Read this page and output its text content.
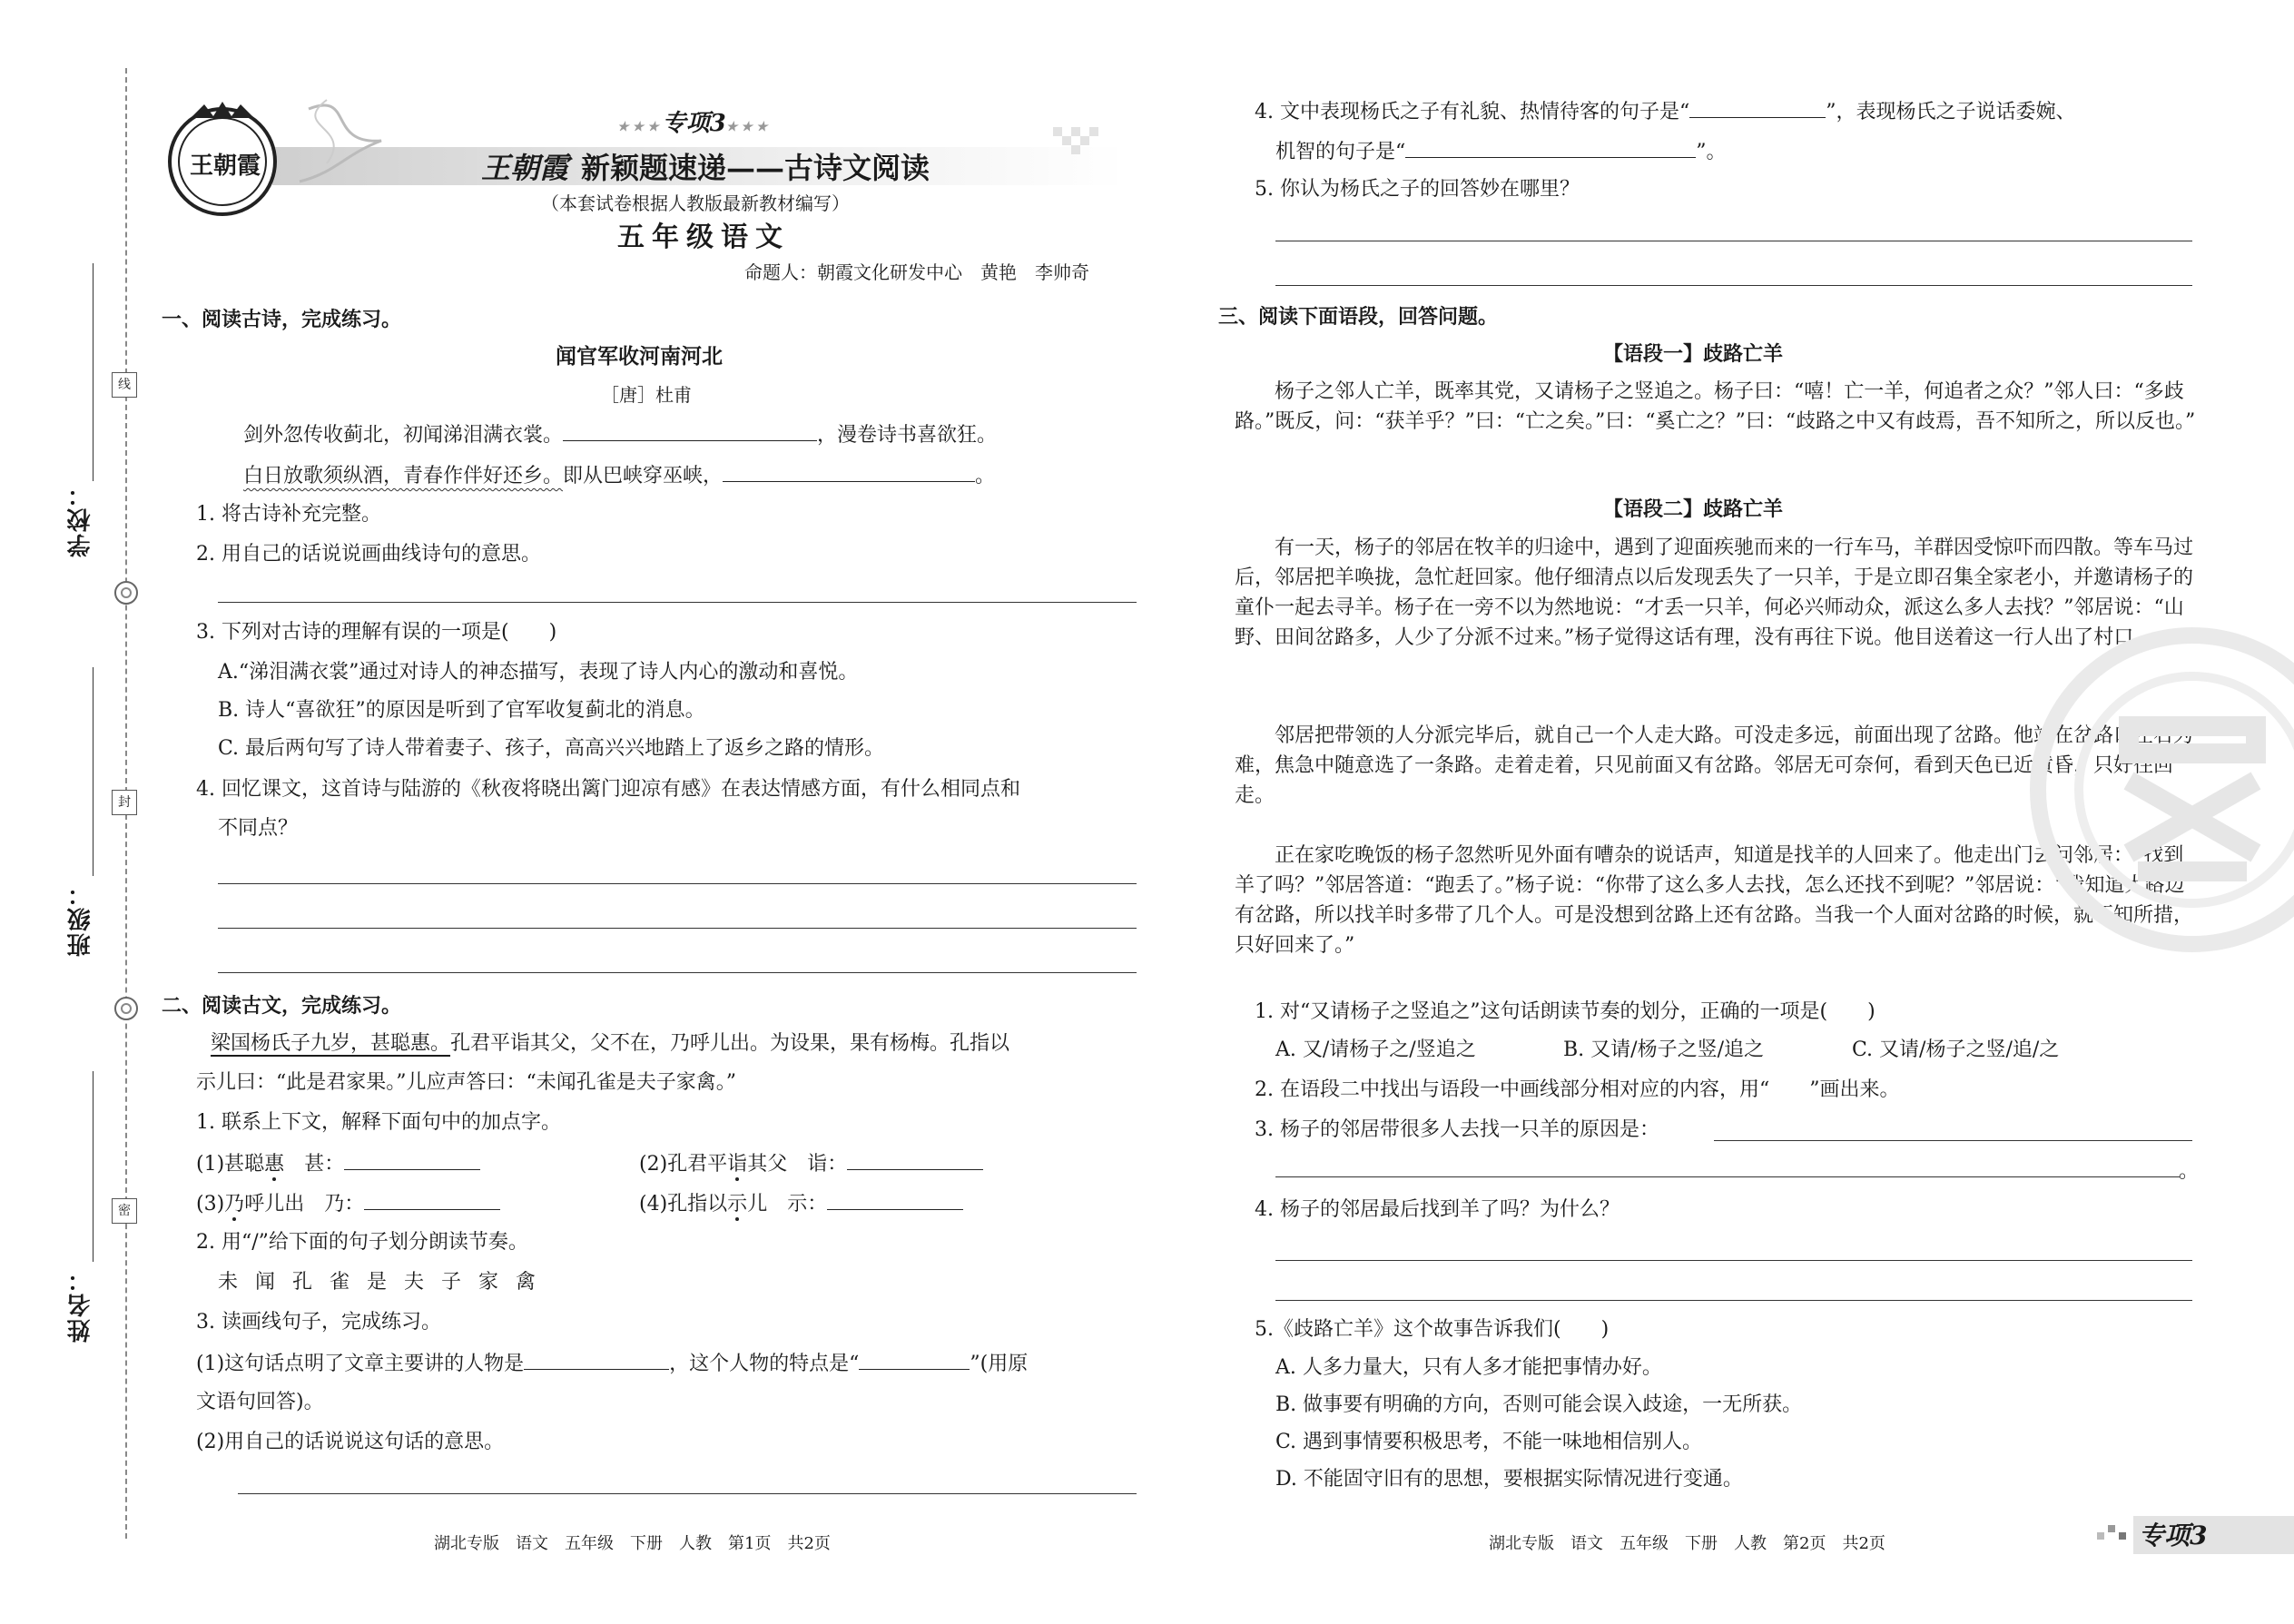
线
封
密
学校：
班级：
姓名：
王朝霞
★★★专项3★★★
王朝霞 新颖题速递——古诗文阅读
（本套试卷根据人教版最新教材编写）
五年级语文
命题人：朝霞文化研发中心　黄艳　李帅奇
一、阅读古诗，完成练习。
闻官军收河南河北
［唐］杜甫
剑外忽传收蓟北，初闻涕泪满衣裳。	，漫卷诗书喜欲狂。
白日放歌须纵酒，青春作伴好还乡。即从巴峡穿巫峡，	。
1. 将古诗补充完整。
2. 用自己的话说说画曲线诗句的意思。
3. 下列对古诗的理解有误的一项是(　　)
A.“涕泪满衣裳”通过对诗人的神态描写，表现了诗人内心的激动和喜悦。
B. 诗人“喜欲狂”的原因是听到了官军收复蓟北的消息。
C. 最后两句写了诗人带着妻子、孩子，高高兴兴地踏上了返乡之路的情形。
4. 回忆课文，这首诗与陆游的《秋夜将晓出篱门迎凉有感》在表达情感方面，有什么相同点和
不同点？
二、阅读古文，完成练习。
梁国杨氏子九岁，甚聪惠。孔君平诣其父，父不在，乃呼儿出。为设果，果有杨梅。孔指以
示儿曰：“此是君家果。”儿应声答曰：“未闻孔雀是夫子家禽。”
1. 联系上下文，解释下面句中的加点字。
(1)甚聪惠　甚：	(2)孔君平诣其父　诣：
(3)乃呼儿出　乃：	(4)孔指以示儿　示：
2. 用“/”给下面的句子划分朗读节奏。
未 闻 孔 雀 是 夫 子 家 禽
3. 读画线句子，完成练习。
(1)这句话点明了文章主要讲的人物是	，这个人物的特点是“	”(用原
文语句回答)。
(2)用自己的话说说这句话的意思。
湖北专版　语文　五年级　下册　人教　第1页　共2页
4. 文中表现杨氏之子有礼貌、热情待客的句子是“	”，表现杨氏之子说话委婉、
机智的句子是“	”。
5. 你认为杨氏之子的回答妙在哪里？
三、阅读下面语段，回答问题。
【语段一】歧路亡羊
杨子之邻人亡羊，既率其党，又请杨子之竖追之。杨子曰：“嘻！亡一羊，何追者之众？”邻人曰：“多歧路。”既反，问：“获羊乎？”曰：“亡之矣。”曰：“奚亡之？”曰：“歧路之中又有歧焉，吾不知所之，所以反也。”
【语段二】歧路亡羊
有一天，杨子的邻居在牧羊的归途中，遇到了迎面疾驰而来的一行车马，羊群因受惊吓而四散。等车马过后，邻居把羊唤拢，急忙赶回家。他仔细清点以后发现丢失了一只羊，于是立即召集全家老小，并邀请杨子的童仆一起去寻羊。杨子在一旁不以为然地说：“才丢一只羊，何必兴师动众，派这么多人去找？”邻居说：“山野、田间岔路多，人少了分派不过来。”杨子觉得这话有理，没有再往下说。他目送着这一行人出了村口。
邻居把带领的人分派完毕后，就自己一个人走大路。可没走多远，前面出现了岔路。他站在岔路口左右为难，焦急中随意选了一条路。走着走着，只见前面又有岔路。邻居无可奈何，看到天色已近黄昏，只好往回走。
正在家吃晚饭的杨子忽然听见外面有嘈杂的说话声，知道是找羊的人回来了。他走出门去问邻居：“找到羊了吗？”邻居答道：“跑丢了。”杨子说：“你带了这么多人去找，怎么还找不到呢？”邻居说：“我知道大路边有岔路，所以找羊时多带了几个人。可是没想到岔路上还有岔路。当我一个人面对岔路的时候，就不知所措，只好回来了。”
1. 对“又请杨子之竖追之”这句话朗读节奏的划分，正确的一项是(　　)
A. 又/请杨子之/竖追之	B. 又请/杨子之竖/追之	C. 又请/杨子之竖/追/之
2. 在语段二中找出与语段一中画线部分相对应的内容，用“ ”画出来。
3. 杨子的邻居带很多人去找一只羊的原因是：
。
4. 杨子的邻居最后找到羊了吗？为什么？
5.《歧路亡羊》这个故事告诉我们(　　)
A. 人多力量大，只有人多才能把事情办好。
B. 做事要有明确的方向，否则可能会误入歧途，一无所获。
C. 遇到事情要积极思考，不能一味地相信别人。
D. 不能固守旧有的思想，要根据实际情况进行变通。
湖北专版　语文　五年级　下册　人教　第2页　共2页	专项3
